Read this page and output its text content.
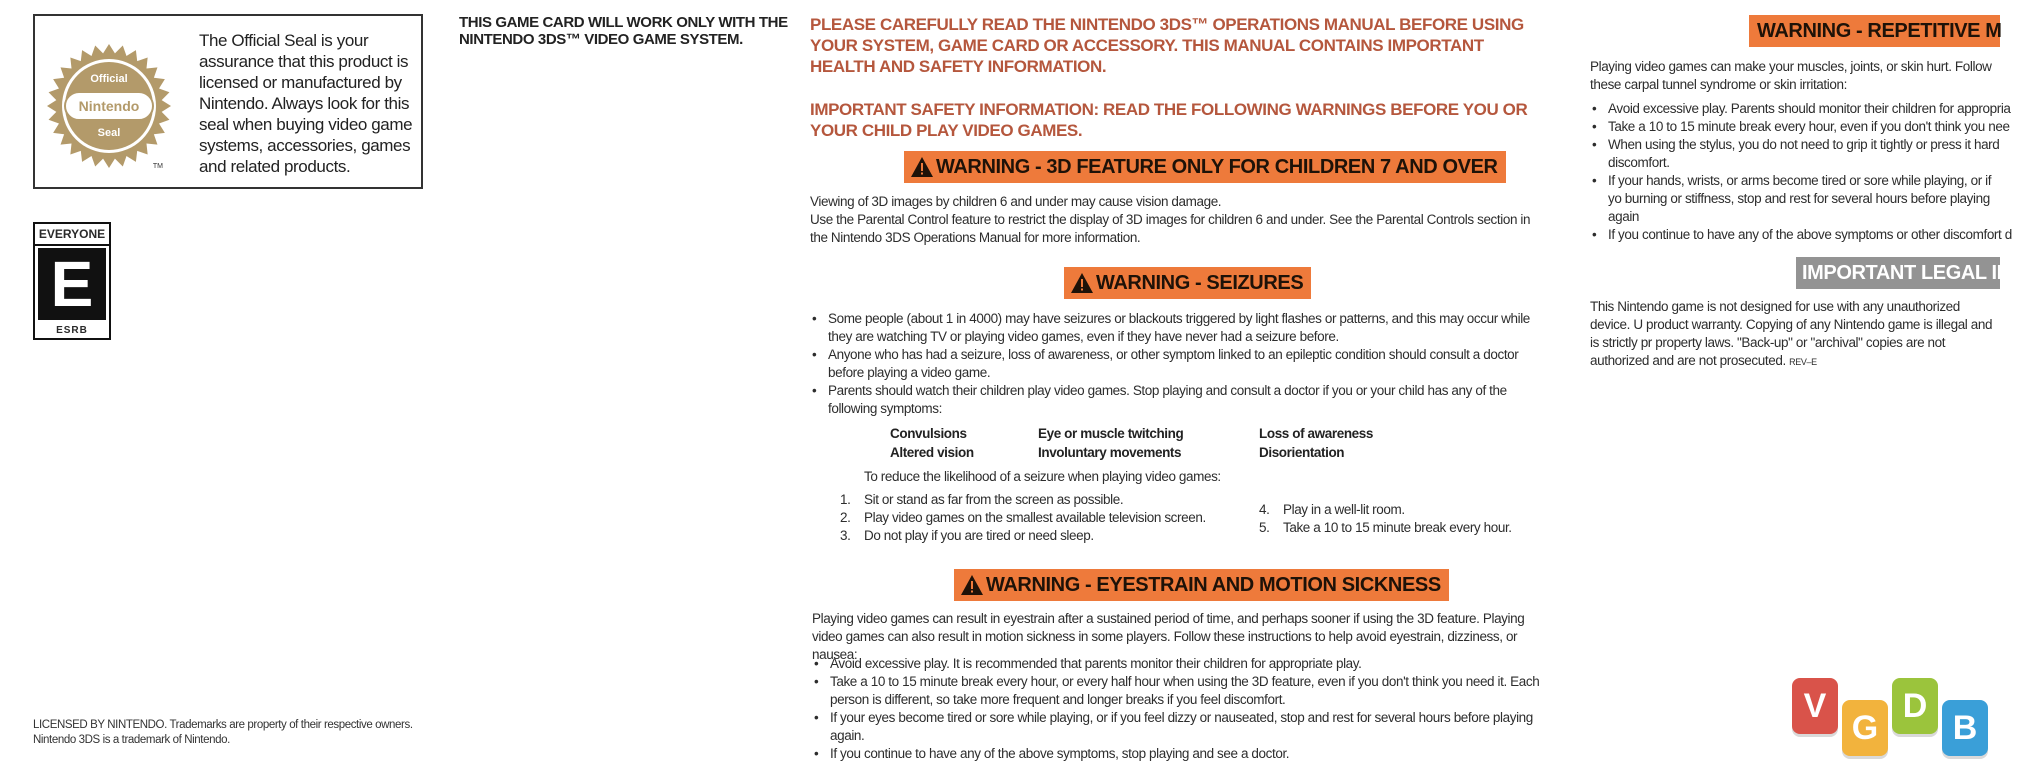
Official
Nintendo
Seal
TM
The Official Seal is your assurance that this product is licensed or manufactured by Nintendo. Always look for this seal when buying video game systems, accessories, games and related products.
EVERYONE
E
ESRB
THIS GAME CARD WILL WORK ONLY WITH THE NINTENDO 3DS™ VIDEO GAME SYSTEM.
LICENSED BY NINTENDO. Trademarks are property of their respective owners.
Nintendo 3DS is a trademark of Nintendo.
PLEASE CAREFULLY READ THE NINTENDO 3DS™ OPERATIONS MANUAL BEFORE USING YOUR SYSTEM, GAME CARD OR ACCESSORY. THIS MANUAL CONTAINS IMPORTANT HEALTH AND SAFETY INFORMATION.
IMPORTANT SAFETY INFORMATION: READ THE FOLLOWING WARNINGS BEFORE YOU OR YOUR CHILD PLAY VIDEO GAMES.
WARNING - 3D FEATURE ONLY FOR CHILDREN 7 AND OVER
Viewing of 3D images by children 6 and under may cause vision damage.
Use the Parental Control feature to restrict the display of 3D images for children 6 and under. See the Parental Controls section in the Nintendo 3DS Operations Manual for more information.
WARNING - SEIZURES
• Some people (about 1 in 4000) may have seizures or blackouts triggered by light flashes or patterns, and this may occur while they are watching TV or playing video games, even if they have never had a seizure before.
• Anyone who has had a seizure, loss of awareness, or other symptom linked to an epileptic condition should consult a doctor before playing a video game.
• Parents should watch their children play video games. Stop playing and consult a doctor if you or your child has any of the following symptoms:
Convulsions
Altered vision
Eye or muscle twitching
Involuntary movements
Loss of awareness
Disorientation
To reduce the likelihood of a seizure when playing video games:
1. Sit or stand as far from the screen as possible.
2. Play video games on the smallest available television screen.
3. Do not play if you are tired or need sleep.
4. Play in a well-lit room.
5. Take a 10 to 15 minute break every hour.
WARNING - EYESTRAIN AND MOTION SICKNESS
Playing video games can result in eyestrain after a sustained period of time, and perhaps sooner if using the 3D feature. Playing video games can also result in motion sickness in some players. Follow these instructions to help avoid eyestrain, dizziness, or nausea:
• Avoid excessive play. It is recommended that parents monitor their children for appropriate play.
• Take a 10 to 15 minute break every hour, or every half hour when using the 3D feature, even if you don't think you need it. Each person is different, so take more frequent and longer breaks if you feel discomfort.
• If your eyes become tired or sore while playing, or if you feel dizzy or nauseated, stop and rest for several hours before playing again.
• If you continue to have any of the above symptoms, stop playing and see a doctor.
WARNING - REPETITIVE M
Playing video games can make your muscles, joints, or skin hurt. Follow these carpal tunnel syndrome or skin irritation:
• Avoid excessive play. Parents should monitor their children for appropria
• Take a 10 to 15 minute break every hour, even if you don't think you nee
• When using the stylus, you do not need to grip it tightly or press it hard discomfort.
• If your hands, wrists, or arms become tired or sore while playing, or if yo burning or stiffness, stop and rest for several hours before playing again
• If you continue to have any of the above symptoms or other discomfort d
IMPORTANT LEGAL INF
This Nintendo game is not designed for use with any unauthorized device. U product warranty. Copying of any Nintendo game is illegal and is strictly pr property laws. "Back-up" or "archival" copies are not authorized and are not prosecuted. REV–E
V
G
D
B
